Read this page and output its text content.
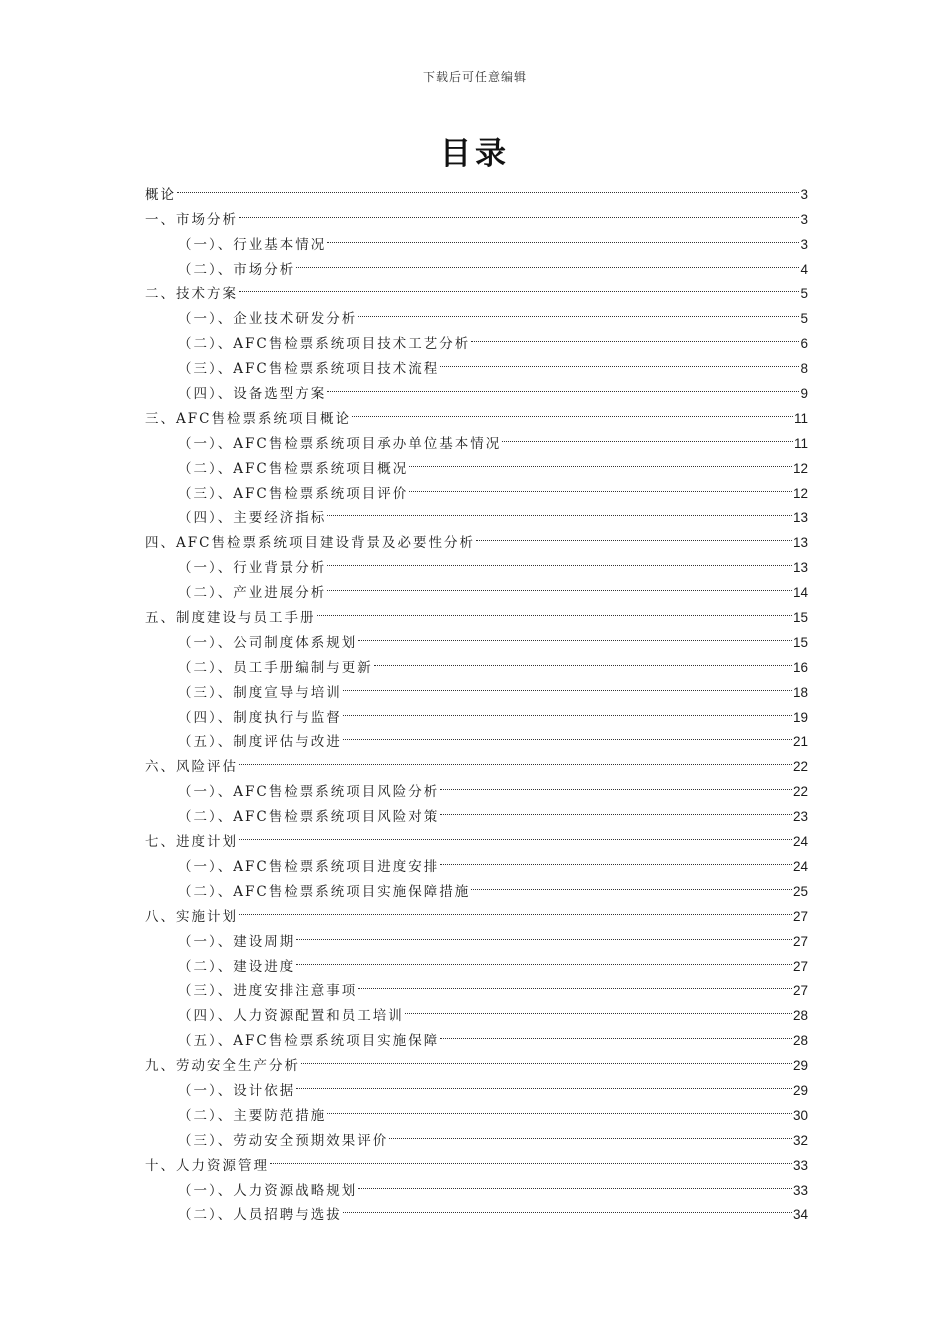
下载后可任意编辑
目录
概论	3
一、市场分析	3
（一）、行业基本情况	3
（二）、市场分析	4
二、技术方案	5
（一）、企业技术研发分析	5
（二）、AFC售检票系统项目技术工艺分析	6
（三）、AFC售检票系统项目技术流程	8
（四）、设备选型方案	9
三、AFC售检票系统项目概论	11
（一）、AFC售检票系统项目承办单位基本情况	11
（二）、AFC售检票系统项目概况	12
（三）、AFC售检票系统项目评价	12
（四）、主要经济指标	13
四、AFC售检票系统项目建设背景及必要性分析	13
（一）、行业背景分析	13
（二）、产业进展分析	14
五、制度建设与员工手册	15
（一）、公司制度体系规划	15
（二）、员工手册编制与更新	16
（三）、制度宣导与培训	18
（四）、制度执行与监督	19
（五）、制度评估与改进	21
六、风险评估	22
（一）、AFC售检票系统项目风险分析	22
（二）、AFC售检票系统项目风险对策	23
七、进度计划	24
（一）、AFC售检票系统项目进度安排	24
（二）、AFC售检票系统项目实施保障措施	25
八、实施计划	27
（一）、建设周期	27
（二）、建设进度	27
（三）、进度安排注意事项	27
（四）、人力资源配置和员工培训	28
（五）、AFC售检票系统项目实施保障	28
九、劳动安全生产分析	29
（一）、设计依据	29
（二）、主要防范措施	30
（三）、劳动安全预期效果评价	32
十、人力资源管理	33
（一）、人力资源战略规划	33
（二）、人员招聘与选拔	34
